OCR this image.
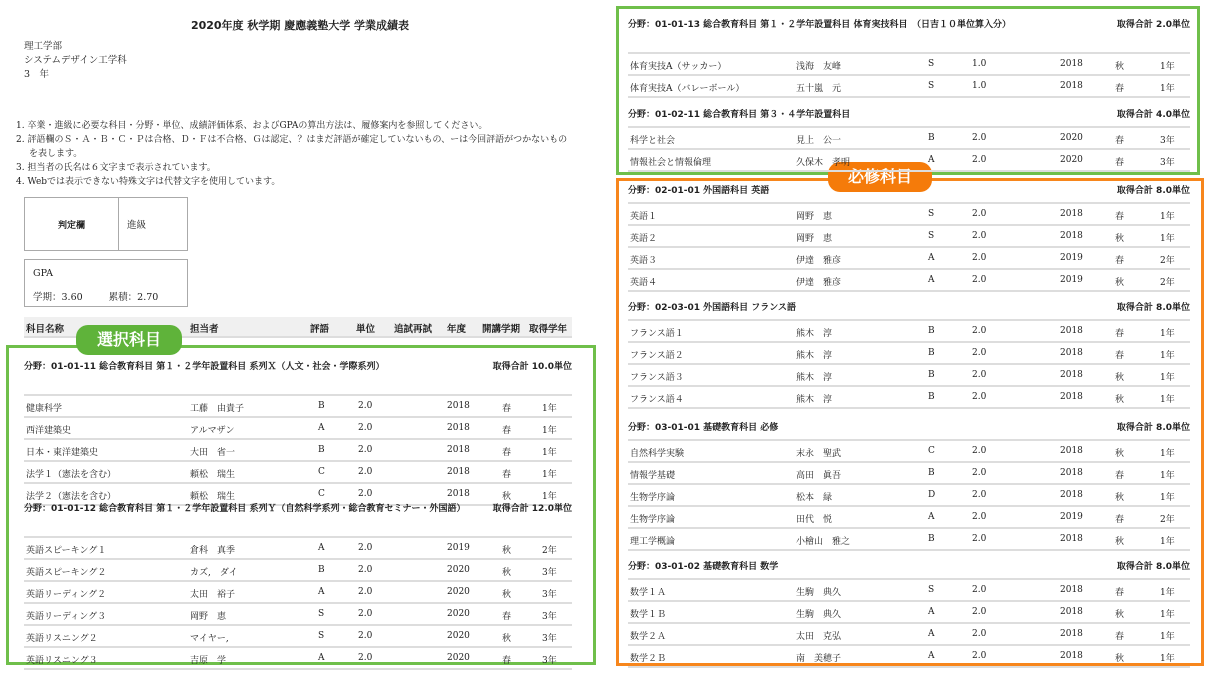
2020年度 秋学期 慶應義塾大学 学業成績表
理工学部
システムデザイン工学科
3　年
1. 卒業・進級に必要な科目・分野・単位、成績評価体系、およびGPAの算出方法は、履修案内を参照してください。
2. 評語欄のＳ・Ａ・Ｂ・Ｃ・Ｐは合格、Ｄ・Ｆは不合格、Ｇは認定、？はまだ評語が確定していないもの、ーは今回評語がつかないものを表します。
3. 担当者の氏名は６文字まで表示されています。
4. Webでは表示できない特殊文字は代替文字を使用しています。
判定欄	進級
GPA
学期：3.60	累積：2.70
科目名称	担当者	評語	単位 追試再試 年度 開講学期 取得学年
選択科目
分野：01-01-11 総合教育科目 第１・２学年設置科目 系列Ｘ（人文・社会・学際系列）	取得合計 10.0単位
健康科学	工藤　由貴子	B	2.0	2018	春	1年
西洋建築史	アルマザン	A	2.0	2018	春	1年
日本・東洋建築史	大田　省一	B	2.0	2018	春	1年
法学１（憲法を含む）	頼松　瑞生	C	2.0	2018	春	1年
法学２（憲法を含む）	頼松　瑞生	C	2.0	2018	秋	1年
分野：01-01-12 総合教育科目 第１・２学年設置科目 系列Ｙ（自然科学系列・総合教育セミナー・外国語）	取得合計 12.0単位
英語スピーキング１	倉科　真季	A	2.0	2019	秋	2年
英語スピーキング２	カズ,　ダイ	B	2.0	2020	秋	3年
英語リーディング２	太田　裕子	A	2.0	2020	秋	3年
英語リーディング３	岡野　恵	S	2.0	2020	春	3年
英語リスニング２	マイヤー,	S	2.0	2020	秋	3年
英語リスニング３	吉原　学	A	2.0	2020	春	3年
必修科目
分野：01-01-13 総合教育科目 第１・２学年設置科目 体育実技科目　（日吉１０単位算入分）	取得合計 2.0単位
体育実技A（サッカー）	浅海　友峰	S	1.0	2018	秋	1年
体育実技A（バレーボール）	五十嵐　元	S	1.0	2018	春	1年
分野：01-02-11 総合教育科目 第３・４学年設置科目	取得合計 4.0単位
科学と社会	見上　公一	B	2.0	2020	春	3年
情報社会と情報倫理	久保木　孝明	A	2.0	2020	春	3年
分野：02-01-01 外国語科目 英語	取得合計 8.0単位
英語１	岡野　恵	S	2.0	2018	春	1年
英語２	岡野　恵	S	2.0	2018	秋	1年
英語３	伊達　雅彦	A	2.0	2019	春	2年
英語４	伊達　雅彦	A	2.0	2019	秋	2年
分野：02-03-01 外国語科目 フランス語	取得合計 8.0単位
フランス語１	熊木　淳	B	2.0	2018	春	1年
フランス語２	熊木　淳	B	2.0	2018	春	1年
フランス語３	熊木　淳	B	2.0	2018	秋	1年
フランス語４	熊木　淳	B	2.0	2018	秋	1年
分野：03-01-01 基礎教育科目 必修	取得合計 8.0単位
自然科学実験	末永　聖武	C	2.0	2018	秋	1年
情報学基礎	高田　眞吾	B	2.0	2018	春	1年
生物学序論	松本　緑	D	2.0	2018	秋	1年
生物学序論	田代　悦	A	2.0	2019	春	2年
理工学概論	小檜山　雅之	B	2.0	2018	秋	1年
分野：03-01-02 基礎教育科目 数学	取得合計 8.0単位
数学１Ａ	生駒　典久	S	2.0	2018	春	1年
数学１Ｂ	生駒　典久	A	2.0	2018	秋	1年
数学２Ａ	太田　克弘	A	2.0	2018	春	1年
数学２Ｂ	南　美穂子	A	2.0	2018	秋	1年
